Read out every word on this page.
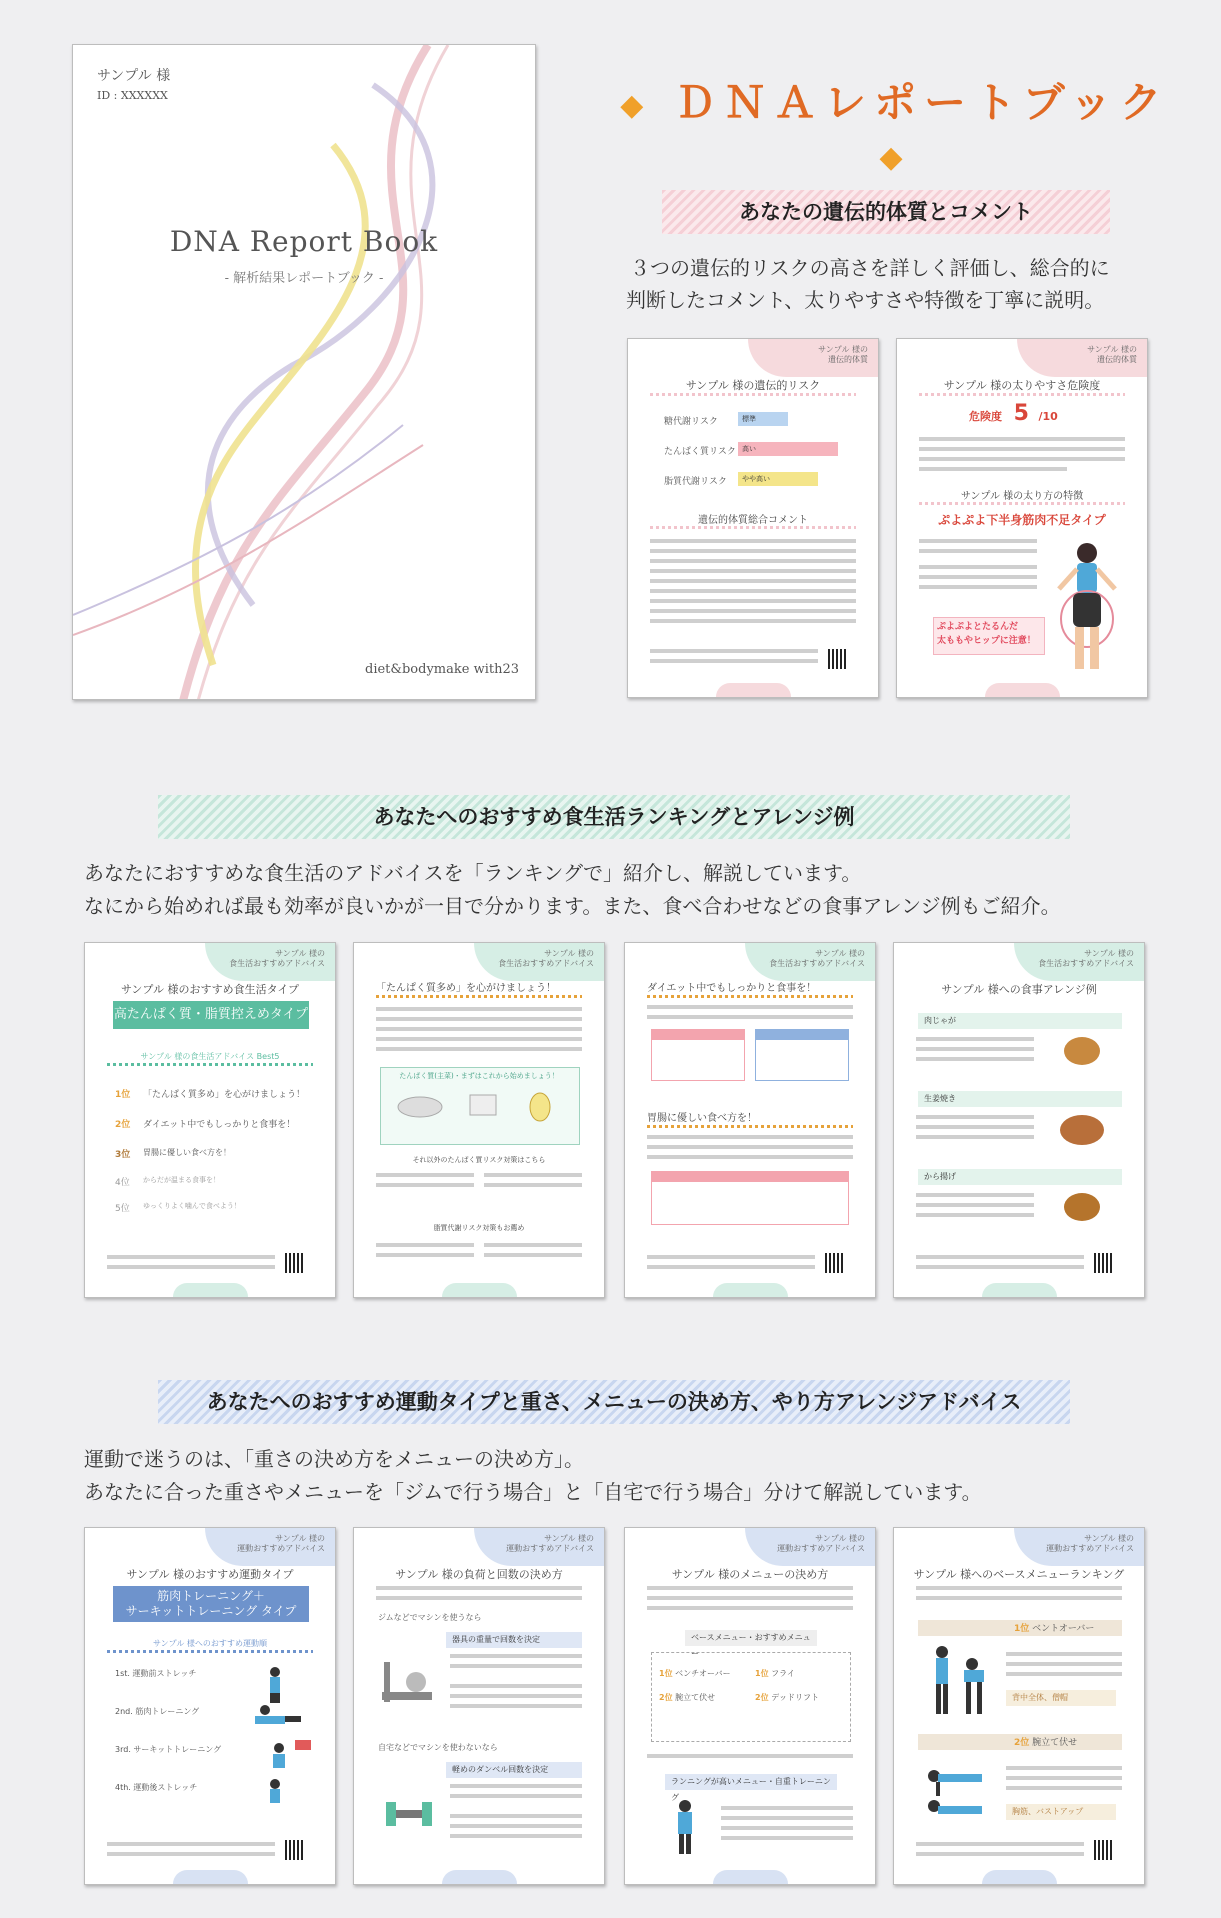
サンプル 様
ID : XXXXXX
DNA Report Book
- 解析結果レポートブック -
diet&bodymake with23
◆ ＤＮＡレポートブック ◆
あなたの遺伝的体質とコメント
３つの遺伝的リスクの高さを詳しく評価し、総合的に
判断したコメント、太りやすさや特徴を丁寧に説明。
サンプル 様の
遺伝的体質
サンプル 様の遺伝的リスク
糖代謝リスク	標準
たんぱく質リスク 高い
脂質代謝リスク	やや高い
遺伝的体質総合コメント
サンプル 様の
遺伝的体質
サンプル 様の太りやすさ危険度
危険度 5 /10
サンプル 様の太り方の特徴
ぷよぷよ下半身筋肉不足タイプ
ぷよぷよとたるんだ
太ももやヒップに注意！
あなたへのおすすめ食生活ランキングとアレンジ例
あなたにおすすめな食生活のアドバイスを「ランキングで」紹介し、解説しています。
なにから始めれば最も効率が良いかが一目で分かります。また、食べ合わせなどの食事アレンジ例もご紹介。
サンプル 様の
食生活おすすめアドバイス
サンプル 様のおすすめ食生活タイプ
高たんぱく質・脂質控えめタイプ
サンプル 様の食生活アドバイス Best5
1位 「たんぱく質多め」を心がけましょう！
2位 ダイエット中でもしっかりと食事を！
3位 胃腸に優しい食べ方を！
4位 からだが温まる食事を！
5位 ゆっくりよく噛んで食べよう！
サンプル 様の
食生活おすすめアドバイス
「たんぱく質多め」を心がけましょう！
たんぱく質(主菜)・まずはこれから始めましょう！
それ以外のたんぱく質リスク対策はこちら
脂質代謝リスク対策もお薦め
サンプル 様の
食生活おすすめアドバイス
ダイエット中でもしっかりと食事を！
胃腸に優しい食べ方を！
サンプル 様の
食生活おすすめアドバイス
サンプル 様への食事アレンジ例
肉じゃが
生姜焼き
から揚げ
あなたへのおすすめ運動タイプと重さ、メニューの決め方、やり方アレンジアドバイス
運動で迷うのは、「重さの決め方をメニューの決め方」。
あなたに合った重さやメニューを「ジムで行う場合」と「自宅で行う場合」分けて解説しています。
サンプル 様の
運動おすすめアドバイス
サンプル 様のおすすめ運動タイプ
筋肉トレーニング＋
サーキットトレーニング タイプ
サンプル 様へのおすすめ運動順
1st. 運動前ストレッチ
2nd. 筋肉トレーニング
3rd. サーキットトレーニング
4th. 運動後ストレッチ
サンプル 様の
運動おすすめアドバイス
サンプル 様の負荷と回数の決め方
ジムなどでマシンを使うなら
器具の重量で回数を決定
自宅などでマシンを使わないなら
軽めのダンベル回数を決定
サンプル 様の
運動おすすめアドバイス
サンプル 様のメニューの決め方
ベースメニュー・おすすめメニュー
1位 ベンチオーバー
2位 腕立て伏せ
1位 フライ
2位 デッドリフト
ランニングが高いメニュー・自重トレーニング
サンプル 様の
運動おすすめアドバイス
サンプル 様へのベースメニューランキング
1位 ベントオーバー
背中全体、僧帽
2位 腕立て伏せ
胸筋、バストアップ
